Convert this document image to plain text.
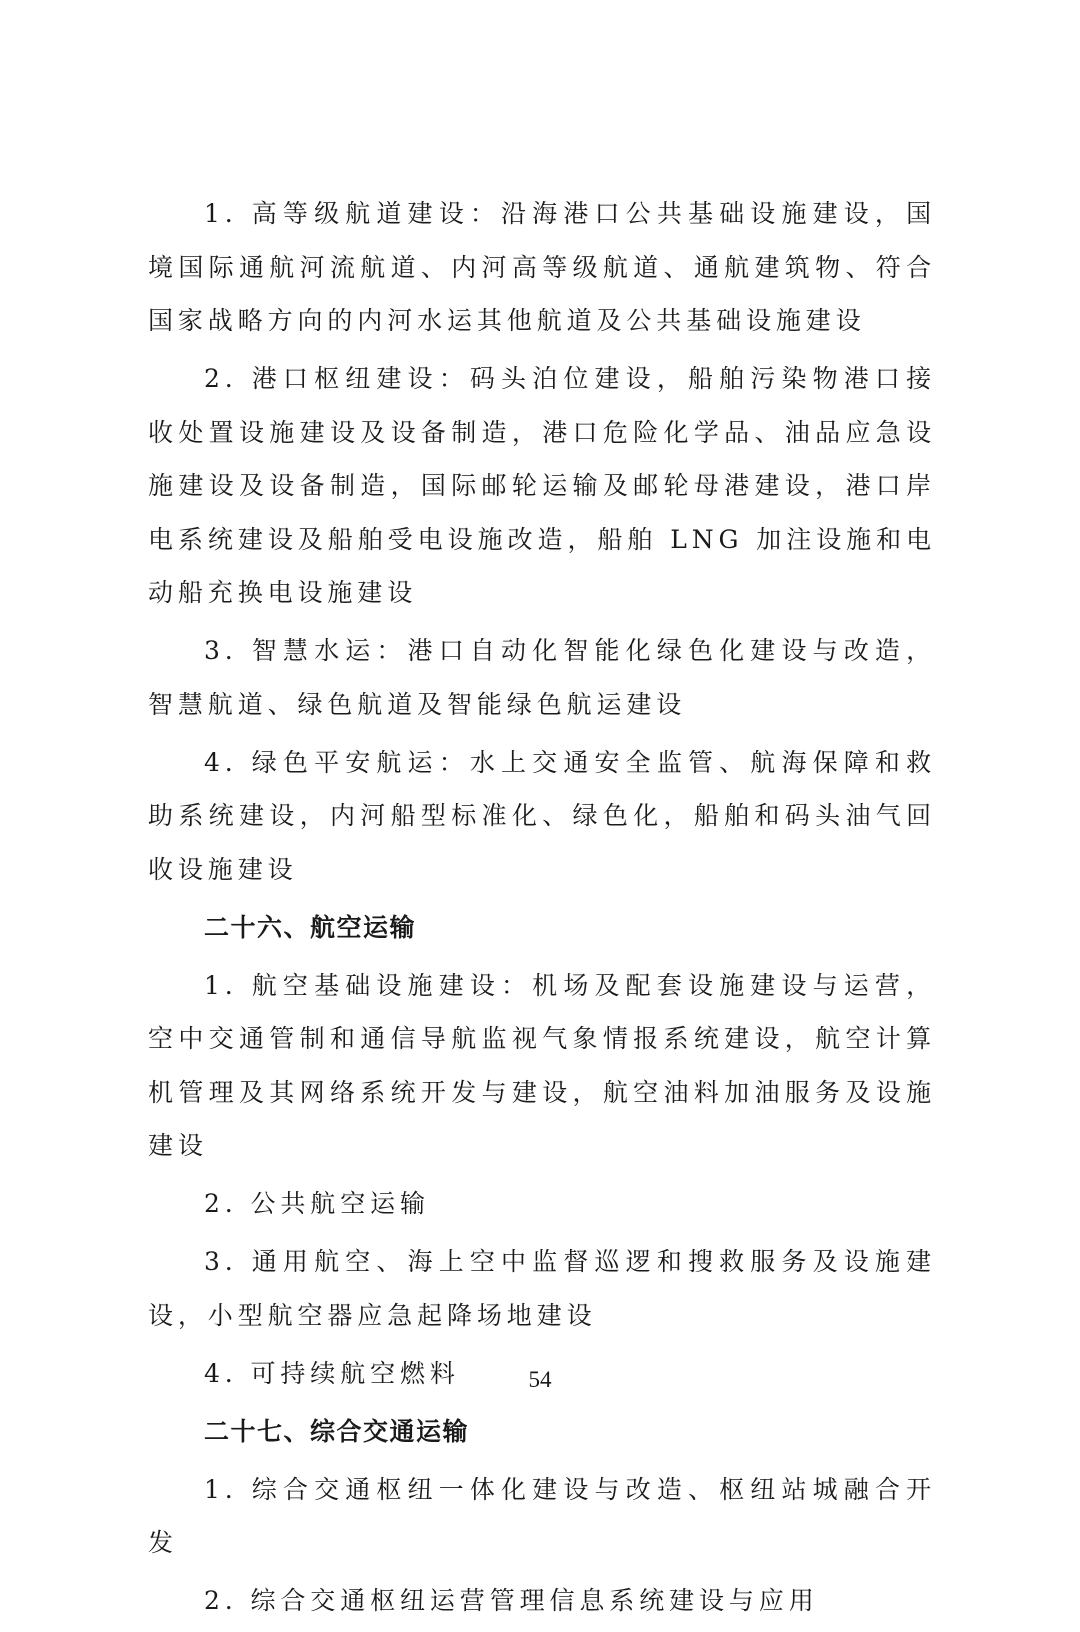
1. 高等级航道建设：沿海港口公共基础设施建设，国境国际通航河流航道、内河高等级航道、通航建筑物、符合国家战略方向的内河水运其他航道及公共基础设施建设

2. 港口枢纽建设：码头泊位建设，船舶污染物港口接收处置设施建设及设备制造，港口危险化学品、油品应急设施建设及设备制造，国际邮轮运输及邮轮母港建设，港口岸电系统建设及船舶受电设施改造，船舶 LNG 加注设施和电动船充换电设施建设

3. 智慧水运：港口自动化智能化绿色化建设与改造，智慧航道、绿色航道及智能绿色航运建设

4. 绿色平安航运：水上交通安全监管、航海保障和救助系统建设，内河船型标准化、绿色化，船舶和码头油气回收设施建设

二十六、航空运输

1. 航空基础设施建设：机场及配套设施建设与运营，空中交通管制和通信导航监视气象情报系统建设，航空计算机管理及其网络系统开发与建设，航空油料加油服务及设施建设

2. 公共航空运输

3. 通用航空、海上空中监督巡逻和搜救服务及设施建设，小型航空器应急起降场地建设

4. 可持续航空燃料

二十七、综合交通运输

1. 综合交通枢纽一体化建设与改造、枢纽站城融合开发

2. 综合交通枢纽运营管理信息系统建设与应用

54
